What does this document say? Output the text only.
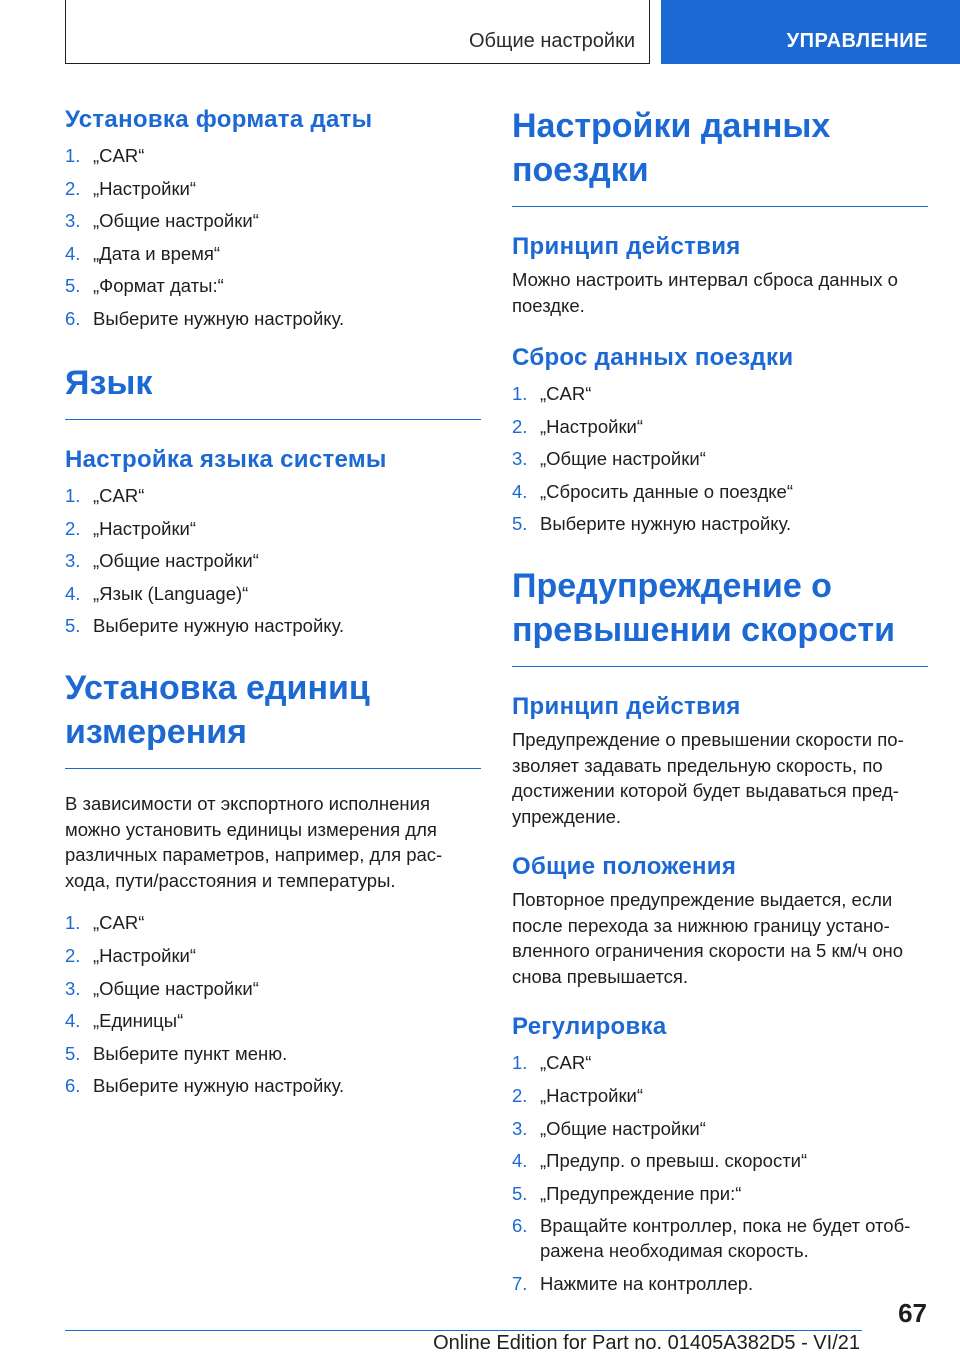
Общие настройки	УПРАВЛЕНИЕ
Установка формата даты
1. „CAR“
2. „Настройки“
3. „Общие настройки“
4. „Дата и время“
5. „Формат даты:“
6. Выберите нужную настройку.
Язык
Настройка языка системы
1. „CAR“
2. „Настройки“
3. „Общие настройки“
4. „Язык (Language)“
5. Выберите нужную настройку.
Установка единиц
измерения

В зависимости от экспортного исполнения можно установить единицы измерения для различных параметров, например, для рас- хода, пути/расстояния и температуры.

1. „CAR“
2. „Настройки“
3. „Общие настройки“
4. „Единицы“
5. Выберите пункт меню.
6. Выберите нужную настройку.
Настройки данных
поездки
Принцип действия

Можно настроить интервал сброса данных о поездке.

Сброс данных поездки
1. „CAR“
2. „Настройки“
3. „Общие настройки“
4. „Сбросить данные о поездке“
5. Выберите нужную настройку.
Предупреждение о
превышении скорости
Принцип действия

Предупреждение о превышении скорости по- зволяет задавать предельную скорость, по достижении которой будет выдаваться пред- упреждение.

Общие положения

Повторное предупреждение выдается, если после перехода за нижнюю границу устано- вленного ограничения скорости на 5 км/ч оно снова превышается.

Регулировка
1. „CAR“
2. „Настройки“
3. „Общие настройки“
4. „Предупр. о превыш. скорости“
5. „Предупреждение при:“
6. Вращайте контроллер, пока не будет отоб- ражена необходимая скорость.
7. Нажмите на контроллер.
67
Online Edition for Part no. 01405A382D5 - VI/21
